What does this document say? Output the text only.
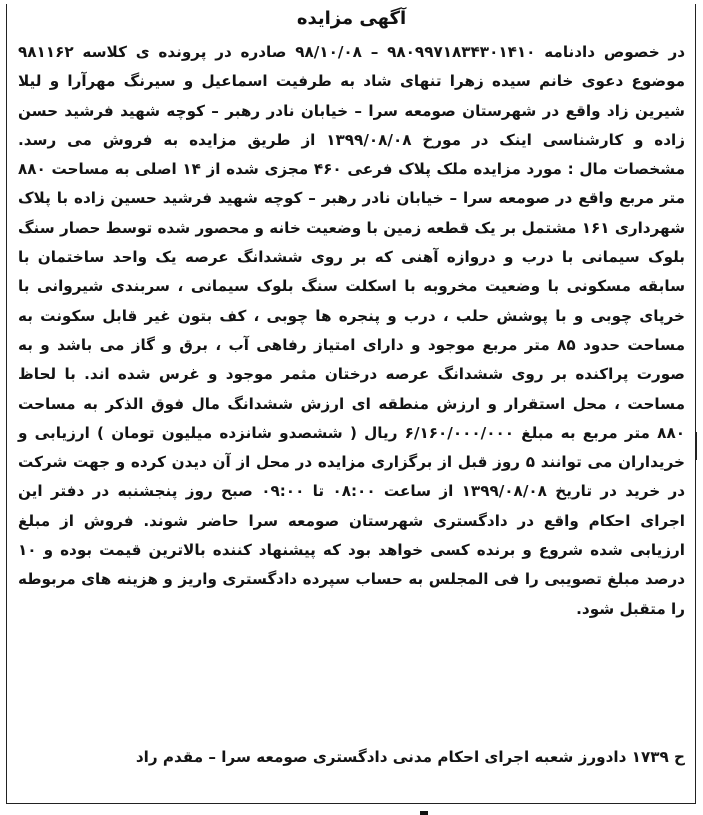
آگهی مزایده
در خصوص دادنامه ۹۸۰۹۹۷۱۸۳۴۳۰۱۴۱۰ – ۹۸/۱۰/۰۸ صادره در پرونده ی کلاسه ۹۸۱۱۶۲ موضوع دعوی خانم سیده زهرا تنهای شاد به طرفیت اسماعیل و سیرنگ مهرآرا و لیلا شیرین زاد واقع در شهرستان صومعه سرا – خیابان نادر رهبر – کوچه شهید فرشید حسن زاده و کارشناسی اینک در مورخ ۱۳۹۹/۰۸/۰۸ از طریق مزایده به فروش می رسد. مشخصات مال : مورد مزایده ملک پلاک فرعی ۴۶۰ مجزی شده از ۱۴ اصلی به مساحت ۸۸۰ متر مربع واقع در صومعه سرا – خیابان نادر رهبر – کوچه شهید فرشید حسین زاده با پلاک شهرداری ۱۶۱ مشتمل بر یک قطعه زمین با وضعیت خانه و محصور شده توسط حصار سنگ بلوک سیمانی با درب و دروازه آهنی که بر روی ششدانگ عرصه یک واحد ساختمان با سابقه مسکونی با وضعیت مخروبه با اسکلت سنگ بلوک سیمانی ، سربندی شیروانی با خرپای چوبی و با پوشش حلب ، درب و پنجره ها چوبی ، کف بتون غیر قابل سکونت به مساحت حدود ۸۵ متر مربع موجود و دارای امتیاز رفاهی آب ، برق و گاز می باشد و به صورت پراکنده بر روی ششدانگ عرصه درختان مثمر موجود و غرس شده اند. با لحاظ مساحت ، محل استقرار و ارزش منطقه ای ارزش ششدانگ مال فوق الذکر به مساحت ۸۸۰ متر مربع به مبلغ ۶/۱۶۰/۰۰۰/۰۰۰ ریال ( ششصدو شانزده میلیون تومان ) ارزیابی و خریداران می توانند ۵ روز قبل از برگزاری مزایده در محل از آن دیدن کرده و جهت شرکت در خرید در تاریخ ۱۳۹۹/۰۸/۰۸ از ساعت ۰۸:۰۰ تا ۰۹:۰۰ صبح روز پنجشنبه در دفتر این اجرای احکام واقع در دادگستری شهرستان صومعه سرا حاضر شوند. فروش از مبلغ ارزیابی شده شروع و برنده کسی خواهد بود که پیشنهاد کننده بالاترین قیمت بوده و ۱۰ درصد مبلغ تصویبی را فی المجلس به حساب سپرده دادگستری واریز و هزینه های مربوطه را متقبل شود.
ح ۱۷۳۹ دادورز شعبه اجرای احکام مدنی دادگستری صومعه سرا – مقدم راد
